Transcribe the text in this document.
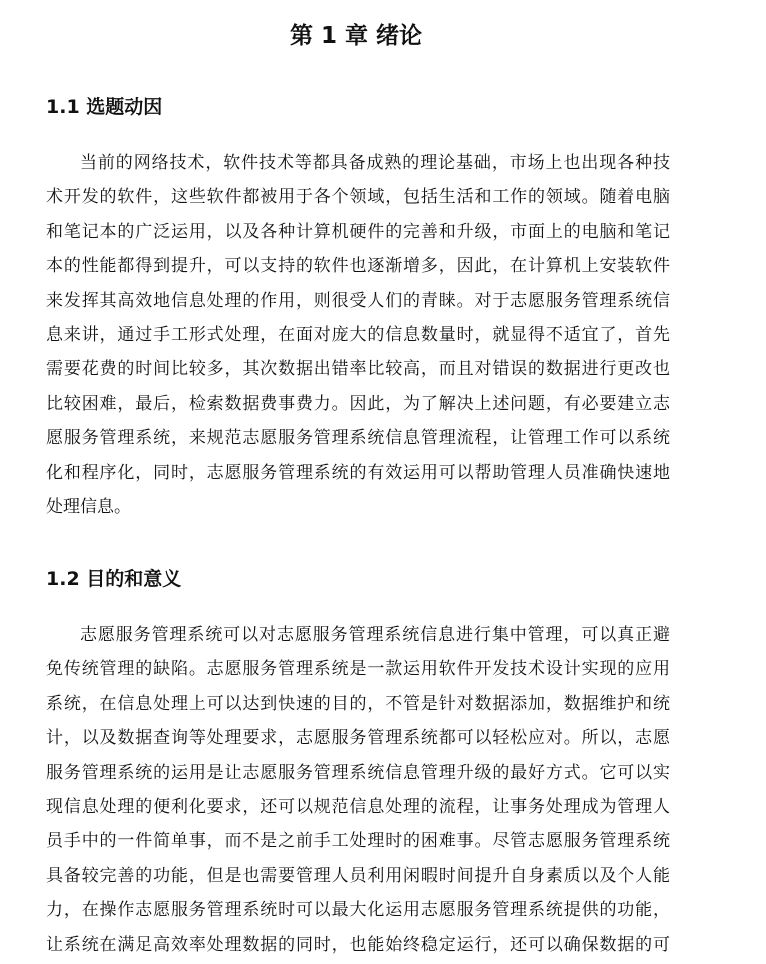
第 1 章 绪论
1.1 选题动因
当前的网络技术，软件技术等都具备成熟的理论基础，市场上也出现各种技
术开发的软件，这些软件都被用于各个领域，包括生活和工作的领域。随着电脑
和笔记本的广泛运用，以及各种计算机硬件的完善和升级，市面上的电脑和笔记
本的性能都得到提升，可以支持的软件也逐渐增多，因此，在计算机上安装软件
来发挥其高效地信息处理的作用，则很受人们的青睐。对于志愿服务管理系统信
息来讲，通过手工形式处理，在面对庞大的信息数量时，就显得不适宜了，首先
需要花费的时间比较多，其次数据出错率比较高，而且对错误的数据进行更改也
比较困难，最后，检索数据费事费力。因此，为了解决上述问题，有必要建立志
愿服务管理系统，来规范志愿服务管理系统信息管理流程，让管理工作可以系统
化和程序化，同时，志愿服务管理系统的有效运用可以帮助管理人员准确快速地
处理信息。
1.2 目的和意义
志愿服务管理系统可以对志愿服务管理系统信息进行集中管理，可以真正避
免传统管理的缺陷。志愿服务管理系统是一款运用软件开发技术设计实现的应用
系统，在信息处理上可以达到快速的目的，不管是针对数据添加，数据维护和统
计，以及数据查询等处理要求，志愿服务管理系统都可以轻松应对。所以，志愿
服务管理系统的运用是让志愿服务管理系统信息管理升级的最好方式。它可以实
现信息处理的便利化要求，还可以规范信息处理的流程，让事务处理成为管理人
员手中的一件简单事，而不是之前手工处理时的困难事。尽管志愿服务管理系统
具备较完善的功能，但是也需要管理人员利用闲暇时间提升自身素质以及个人能
力，在操作志愿服务管理系统时可以最大化运用志愿服务管理系统提供的功能，
让系统在满足高效率处理数据的同时，也能始终稳定运行，还可以确保数据的可
